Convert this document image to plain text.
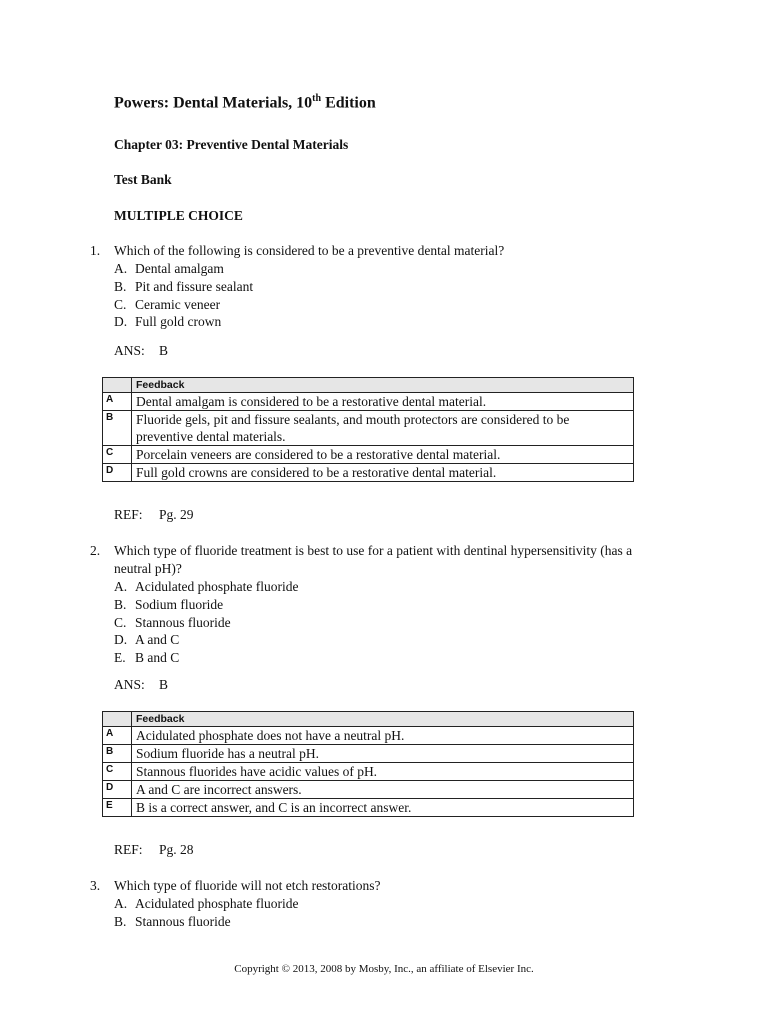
Powers: Dental Materials, 10th Edition
Chapter 03: Preventive Dental Materials
Test Bank
MULTIPLE CHOICE
1. Which of the following is considered to be a preventive dental material?
A. Dental amalgam
B. Pit and fissure sealant
C. Ceramic veneer
D. Full gold crown
ANS: B
	Feedback
A	Dental amalgam is considered to be a restorative dental material.
B	Fluoride gels, pit and fissure sealants, and mouth protectors are considered to be preventive dental materials.
C	Porcelain veneers are considered to be a restorative dental material.
D	Full gold crowns are considered to be a restorative dental material.
REF: Pg. 29
2. Which type of fluoride treatment is best to use for a patient with dentinal hypersensitivity (has a neutral pH)?
A. Acidulated phosphate fluoride
B. Sodium fluoride
C. Stannous fluoride
D. A and C
E. B and C
ANS: B
	Feedback
A	Acidulated phosphate does not have a neutral pH.
B	Sodium fluoride has a neutral pH.
C	Stannous fluorides have acidic values of pH.
D	A and C are incorrect answers.
E	B is a correct answer, and C is an incorrect answer.
REF: Pg. 28
3. Which type of fluoride will not etch restorations?
A. Acidulated phosphate fluoride
B. Stannous fluoride
Copyright © 2013, 2008 by Mosby, Inc., an affiliate of Elsevier Inc.
